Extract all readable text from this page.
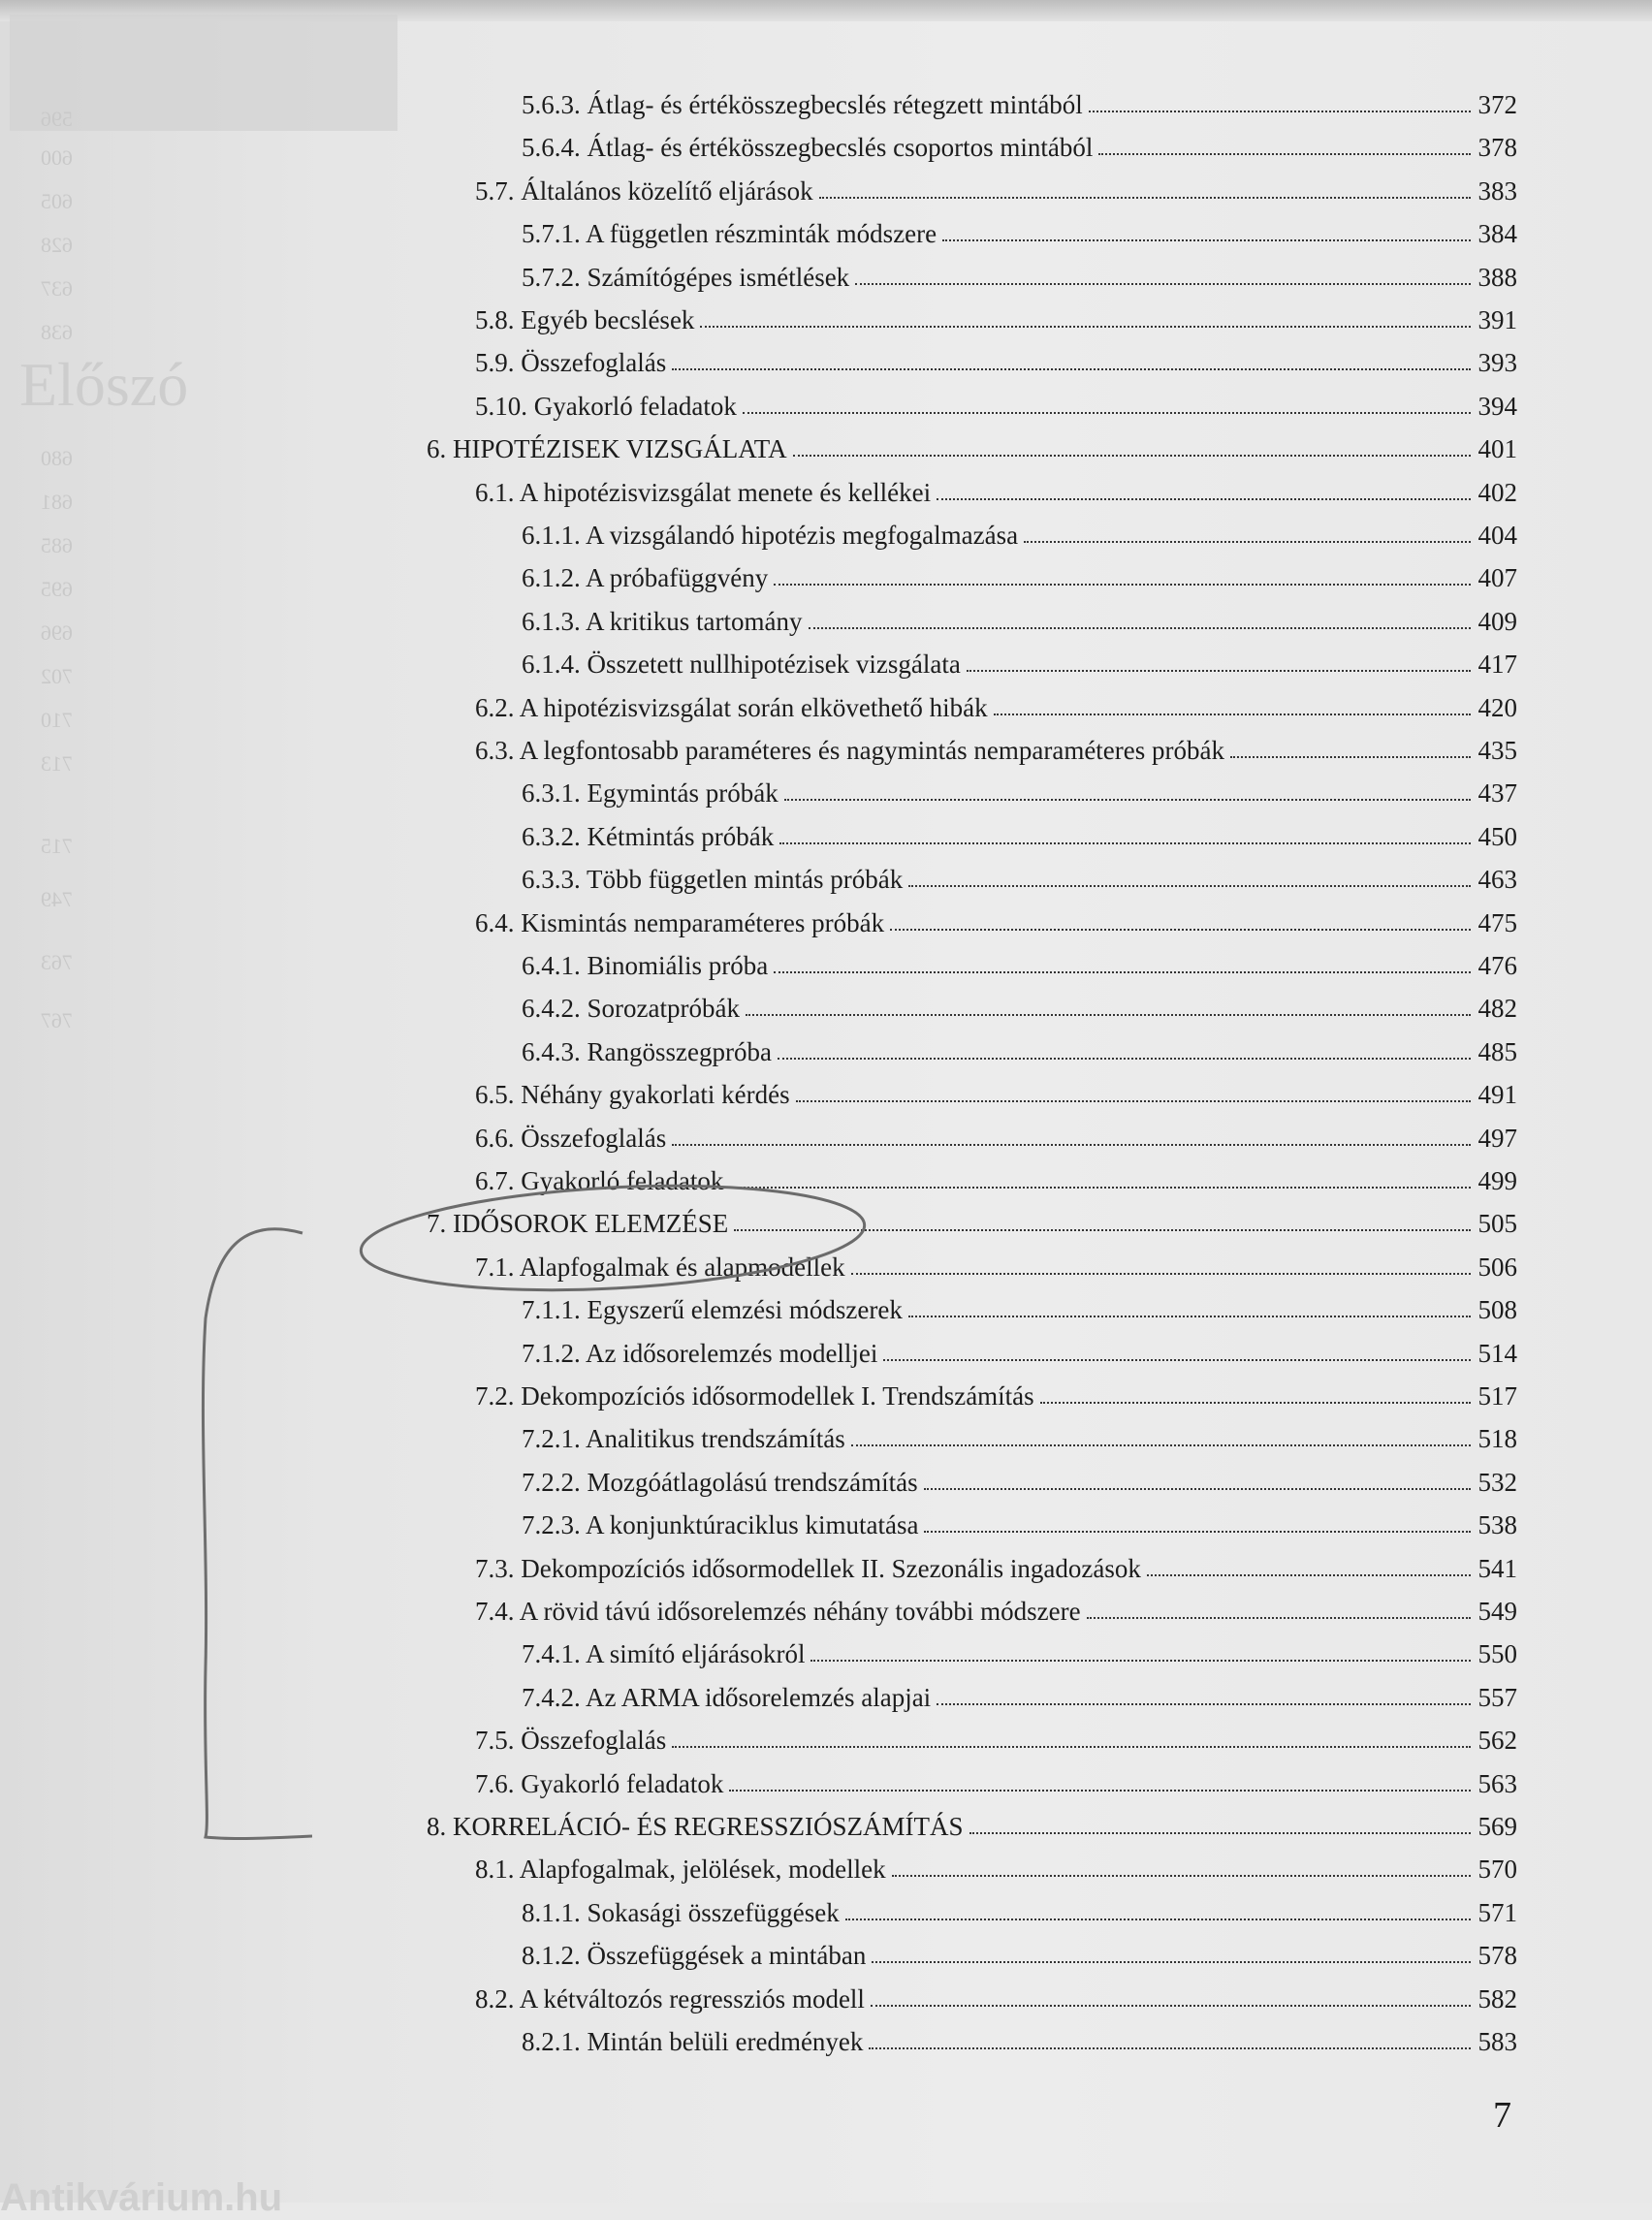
Előszó
596
600
605
628
637
638
680
681
685
695
696
702
710
713
715
749
763
767
5.6.3. Átlag- és értékösszegbecslés rétegzett mintából	372
5.6.4. Átlag- és értékösszegbecslés csoportos mintából	378
5.7. Általános közelítő eljárások	383
5.7.1. A független részminták módszere	384
5.7.2. Számítógépes ismétlések	388
5.8. Egyéb becslések	391
5.9. Összefoglalás	393
5.10. Gyakorló feladatok	394
6. HIPOTÉZISEK VIZSGÁLATA	401
6.1. A hipotézisvizsgálat menete és kellékei	402
6.1.1. A vizsgálandó hipotézis megfogalmazása	404
6.1.2. A próbafüggvény	407
6.1.3. A kritikus tartomány	409
6.1.4. Összetett nullhipotézisek vizsgálata	417
6.2. A hipotézisvizsgálat során elkövethető hibák	420
6.3. A legfontosabb paraméteres és nagymintás nemparaméteres próbák	435
6.3.1. Egymintás próbák	437
6.3.2. Kétmintás próbák	450
6.3.3. Több független mintás próbák	463
6.4. Kismintás nemparaméteres próbák	475
6.4.1. Binomiális próba	476
6.4.2. Sorozatpróbák	482
6.4.3. Rangösszegpróba	485
6.5. Néhány gyakorlati kérdés	491
6.6. Összefoglalás	497
6.7. Gyakorló feladatok	499
7. IDŐSOROK ELEMZÉSE	505
7.1. Alapfogalmak és alapmodellek	506
7.1.1. Egyszerű elemzési módszerek	508
7.1.2. Az idősorelemzés modelljei	514
7.2. Dekompozíciós idősormodellek I. Trendszámítás	517
7.2.1. Analitikus trendszámítás	518
7.2.2. Mozgóátlagolású trendszámítás	532
7.2.3. A konjunktúraciklus kimutatása	538
7.3. Dekompozíciós idősormodellek II. Szezonális ingadozások	541
7.4. A rövid távú idősorelemzés néhány további módszere	549
7.4.1. A simító eljárásokról	550
7.4.2. Az ARMA idősorelemzés alapjai	557
7.5. Összefoglalás	562
7.6. Gyakorló feladatok	563
8. KORRELÁCIÓ- ÉS REGRESSZIÓSZÁMÍTÁS	569
8.1. Alapfogalmak, jelölések, modellek	570
8.1.1. Sokasági összefüggések	571
8.1.2. Összefüggések a mintában	578
8.2. A kétváltozós regressziós modell	582
8.2.1. Mintán belüli eredmények	583
7
Antikvárium.hu
